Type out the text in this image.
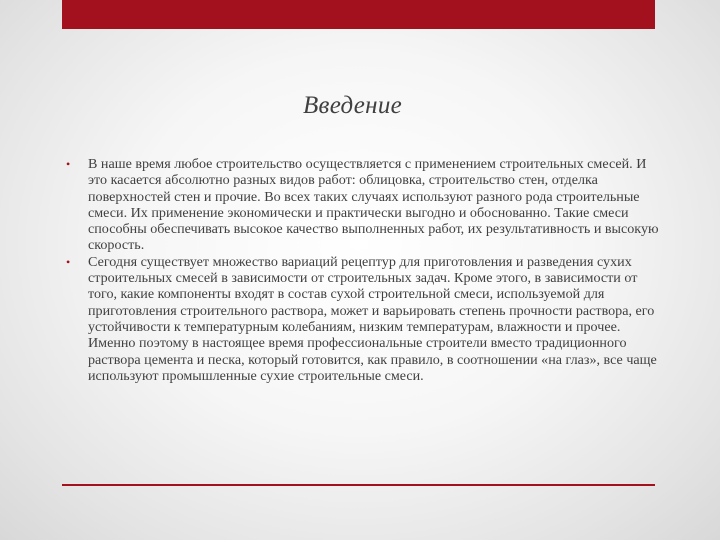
Введение
• В наше время любое строительство осуществляется с применением строительных смесей. И это касается абсолютно разных видов работ: облицовка, строительство стен, отделка поверхностей стен и прочие. Во всех таких случаях используют разного рода строительные смеси. Их применение экономически и практически выгодно и обоснованно. Такие смеси способны обеспечивать высокое качество выполненных работ, их результативность и высокую скорость.
• Сегодня существует множество вариаций рецептур для приготовления и разведения сухих строительных смесей в зависимости от строительных задач. Кроме этого, в зависимости от того, какие компоненты входят в состав сухой строительной смеси, используемой для приготовления строительного раствора, может и варьировать степень прочности раствора, его устойчивости к температурным колебаниям, низким температурам, влажности и прочее. Именно поэтому в настоящее время профессиональные строители вместо традиционного раствора цемента и песка, который готовится, как правило, в соотношении «на глаз», все чаще используют промышленные сухие строительные смеси.
